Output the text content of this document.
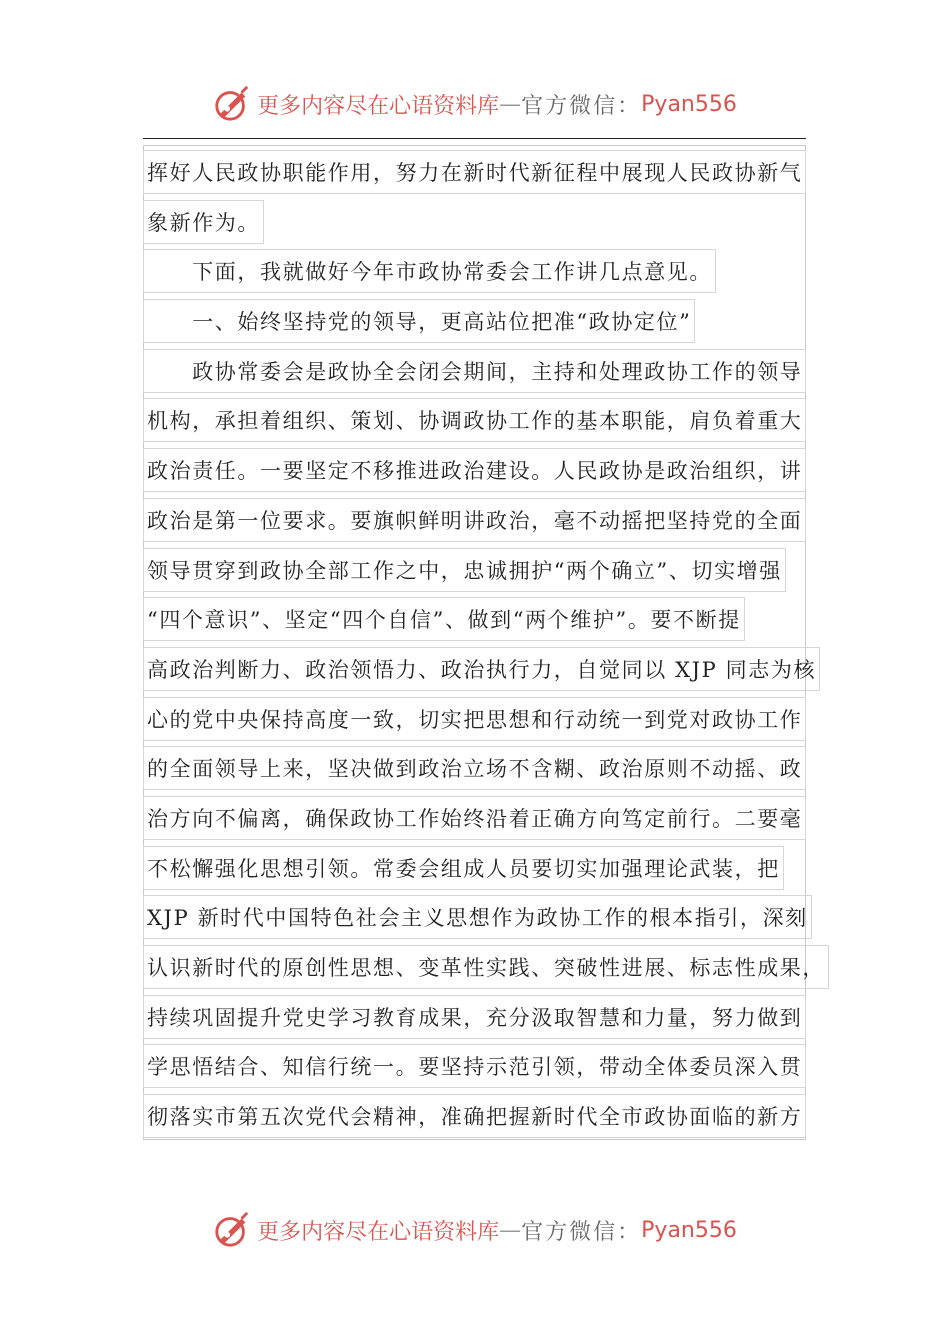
更多内容尽在心语资料库 — 官方微信： Pyan556
挥好人民政协职能作用，努力在新时代新征程中展现人民政协新气
象新作为。
　　下面，我就做好今年市政协常委会工作讲几点意见。
　　一、始终坚持党的领导，更高站位把准“政协定位”
　　政协常委会是政协全会闭会期间，主持和处理政协工作的领导
机构，承担着组织、策划、协调政协工作的基本职能，肩负着重大
政治责任。一要坚定不移推进政治建设。人民政协是政治组织，讲
政治是第一位要求。要旗帜鲜明讲政治，毫不动摇把坚持党的全面
领导贯穿到政协全部工作之中，忠诚拥护“两个确立”、切实增强
“四个意识”、坚定“四个自信”、做到“两个维护”。要不断提
高政治判断力、政治领悟力、政治执行力，自觉同以 XJP 同志为核
心的党中央保持高度一致，切实把思想和行动统一到党对政协工作
的全面领导上来，坚决做到政治立场不含糊、政治原则不动摇、政
治方向不偏离，确保政协工作始终沿着正确方向笃定前行。二要毫
不松懈强化思想引领。常委会组成人员要切实加强理论武装，把
XJP 新时代中国特色社会主义思想作为政协工作的根本指引，深刻
认识新时代的原创性思想、变革性实践、突破性进展、标志性成果，
持续巩固提升党史学习教育成果，充分汲取智慧和力量，努力做到
学思悟结合、知信行统一。要坚持示范引领，带动全体委员深入贯
彻落实市第五次党代会精神，准确把握新时代全市政协面临的新方
更多内容尽在心语资料库 — 官方微信： Pyan556
